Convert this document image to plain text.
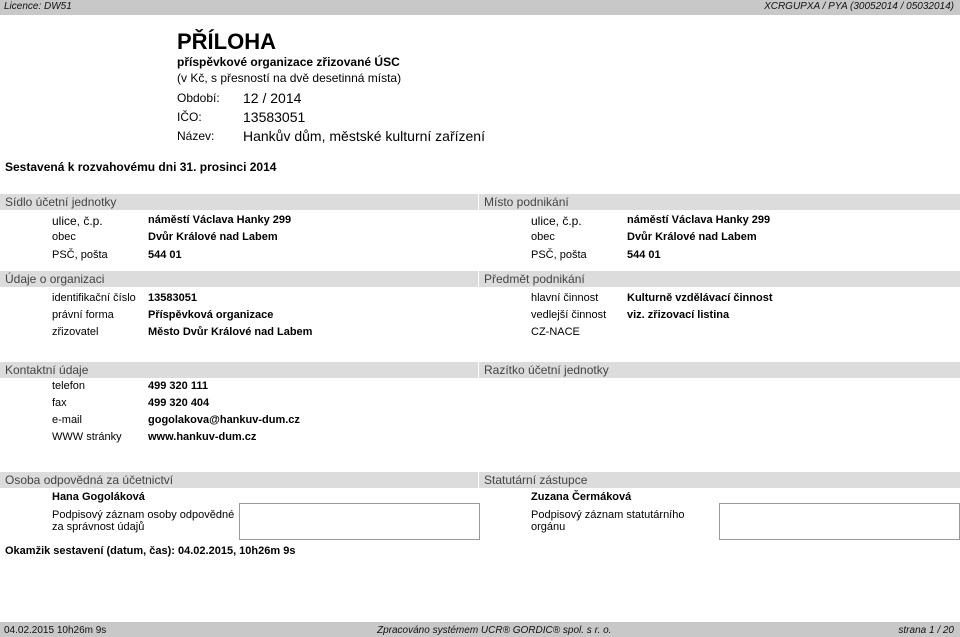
Licence: DW51	XCRGUPXA / PYA (30052014 / 05032014)
PŘÍLOHA
příspěvkové organizace zřizované ÚSC
(v Kč, s přesností na dvě desetinná místa)
Období: 12 / 2014
IČO:	13583051
Název: Hankův dům, městské kulturní zařízení
Sestavená k rozvahovému dni 31. prosinci 2014
Sídlo účetní jednotky	Místo podnikání
ulice, č.p.	náměstí Václava Hanky 299
obec	Dvůr Králové nad Labem
PSČ, pošta	544 01
ulice, č.p.	náměstí Václava Hanky 299
obec	Dvůr Králové nad Labem
PSČ, pošta	544 01
Údaje o organizaci	Předmět podnikání
identifikační číslo 13583051
právní forma	Příspěvková organizace
zřizovatel	Město Dvůr Králové nad Labem
hlavní činnost	Kulturně vzdělávací činnost
vedlejší činnost viz. zřizovací listina
CZ-NACE
Kontaktní údaje	Razítko účetní jednotky
telefon	499 320 111
fax	499 320 404
e-mail	gogolakova@hankuv-dum.cz
WWW stránky www.hankuv-dum.cz
Osoba odpovědná za účetnictví	Statutární zástupce
Hana Gogoláková
Podpisový záznam osoby odpovědné
za správnost údajů
Zuzana Čermáková
Podpisový záznam statutárního
orgánu
Okamžik sestavení (datum, čas): 04.02.2015, 10h26m 9s
04.02.2015 10h26m 9s	Zpracováno systémem UCR® GORDIC® spol. s r. o.	strana 1 / 20
